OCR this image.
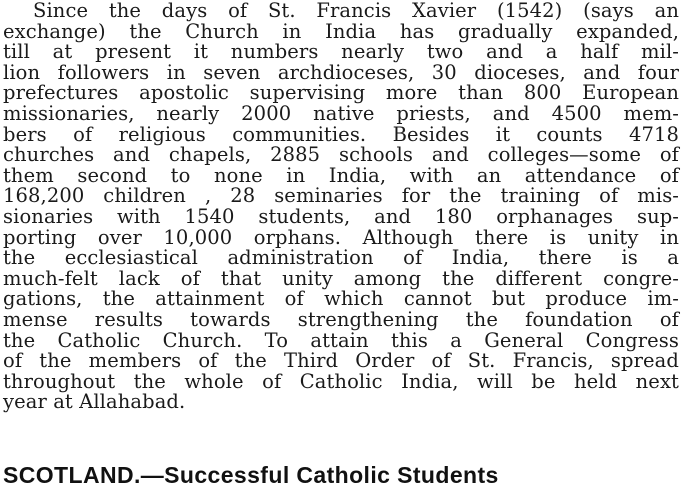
Since the days of St. Francis Xavier (1542) (says an
exchange) the Church in India has gradually expanded,
till at present it numbers nearly two and a half mil-
lion followers in seven archdioceses, 30 dioceses, and four
prefectures apostolic supervising more than 800 European
missionaries, nearly 2000 native priests, and 4500 mem-
bers of religious communities. Besides it counts 4718
churches and chapels, 2885 schools and colleges—some of
them second to none in India, with an attendance of
168,200 children , 28 seminaries for the training of mis-
sionaries with 1540 students, and 180 orphanages sup-
porting over 10,000 orphans. Although there is unity in
the ecclesiastical administration of India, there is a
much-felt lack of that unity among the different congre-
gations, the attainment of which cannot but produce im-
mense results towards strengthening the foundation of
the Catholic Church. To attain this a General Congress
of the members of the Third Order of St. Francis, spread
throughout the whole of Catholic India, will be held next
year at Allahabad.
SCOTLAND.—Successful Catholic Students
